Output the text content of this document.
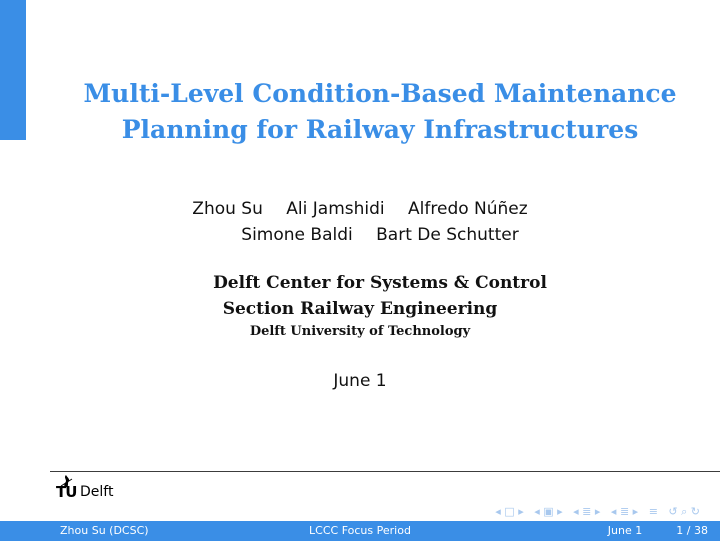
Multi-Level Condition-Based Maintenance
Planning for Railway Infrastructures
Zhou Su Ali Jamshidi Alfredo Núñez
Simone Baldi Bart De Schutter
Delft Center for Systems & Control
Section Railway Engineering
Delft University of Technology
June 1
TU Delft
◂ □ ▸ ◂ ▣ ▸ ◂ ≣ ▸ ◂ ≣ ▸ ≡ ↺ ⌕ ↻
Zhou Su (DCSC)	LCCC Focus Period	June 1	1 / 38
